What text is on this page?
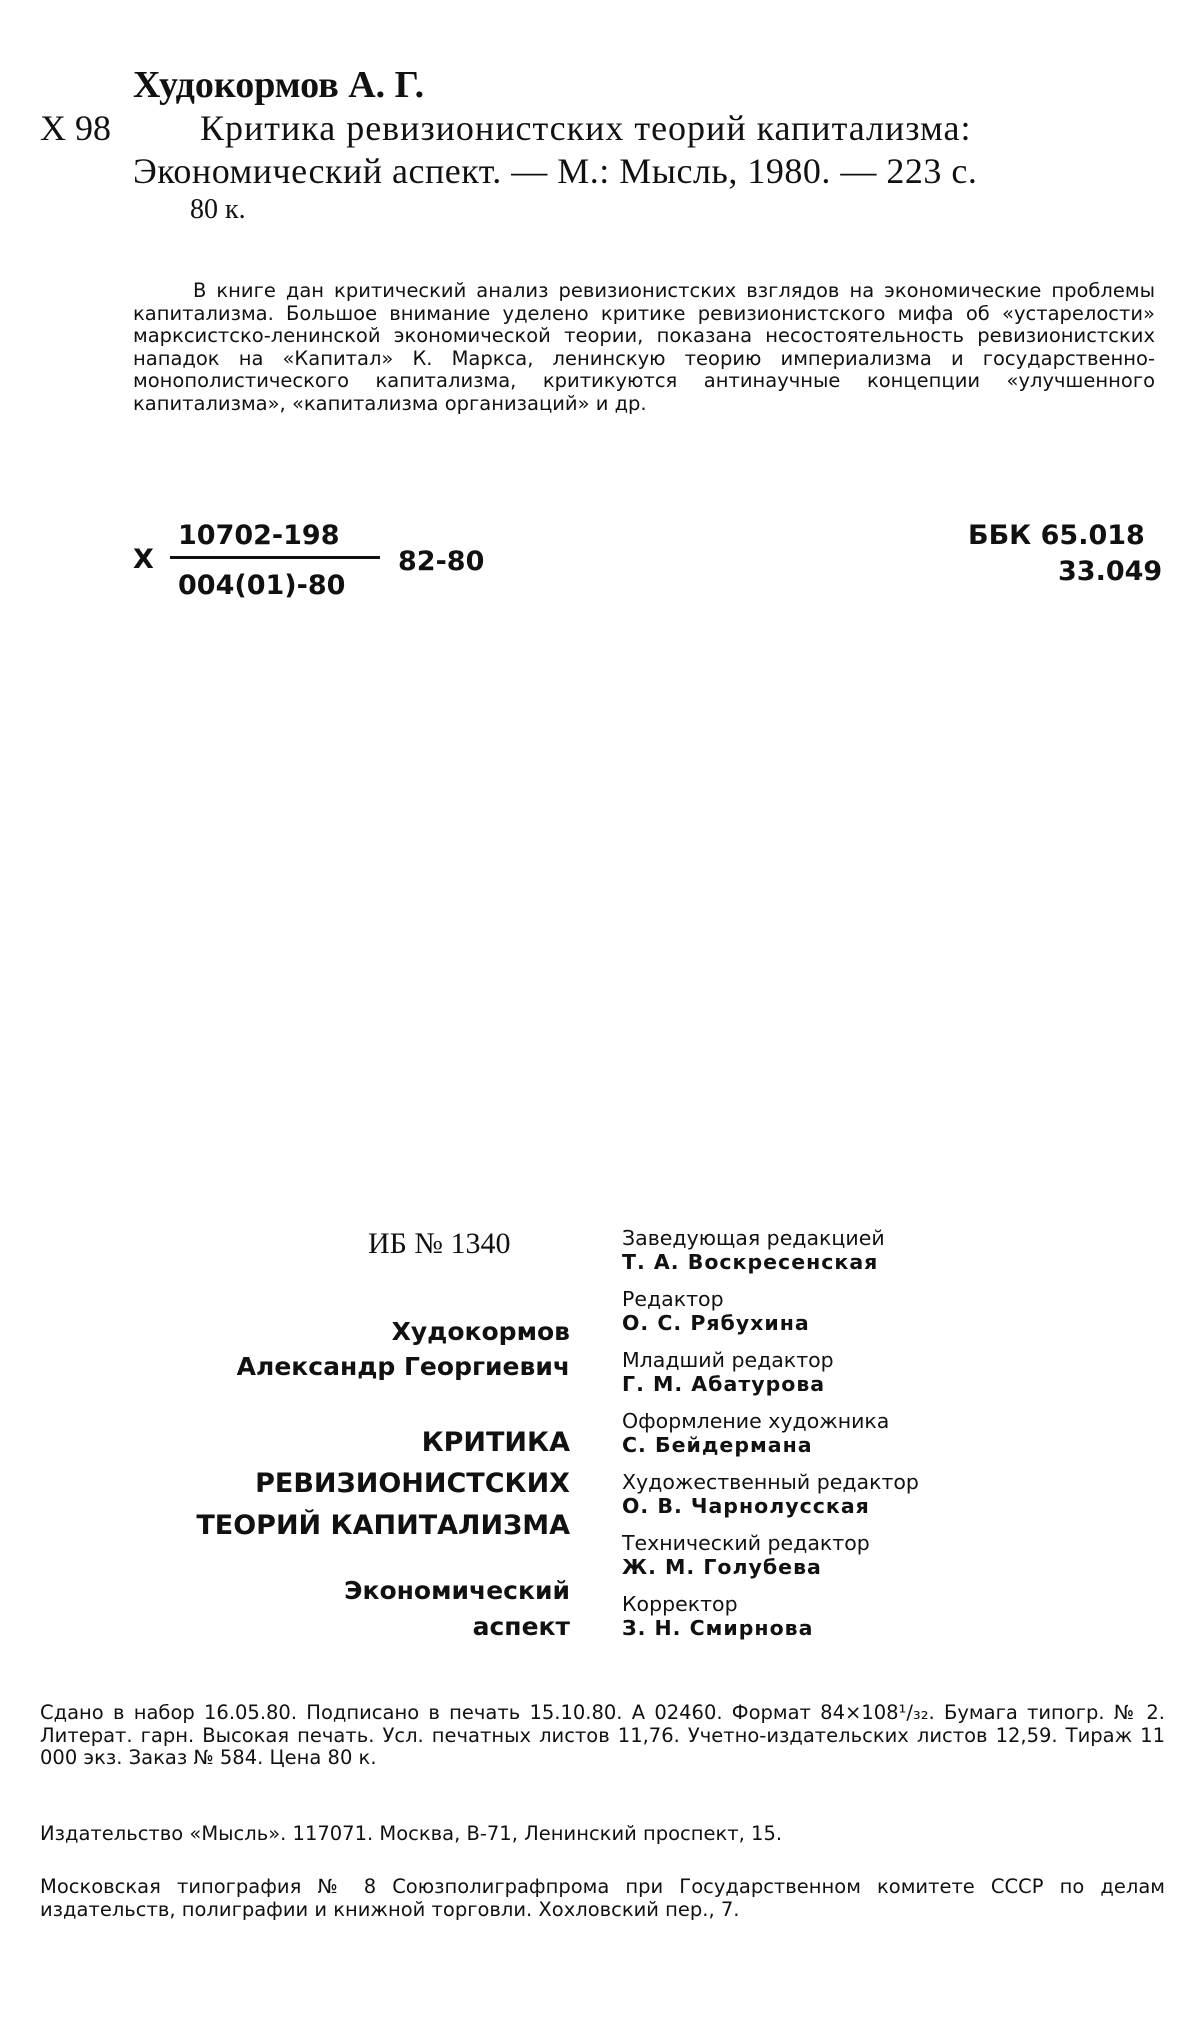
Худокормов А. Г.
X 98 Критика ревизионистских теорий капитализма:
Экономический аспект. — М.: Мысль, 1980. — 223 с.
80 к.
В книге дан критический анализ ревизионистских взглядов на экономические проблемы капитализма. Большое внимание уделено критике ревизионистского мифа об «устарелости» марксистско-ленинской экономической теории, показана несостоятельность ревизионистских нападок на «Капитал» К. Маркса, ленинскую теорию империализма и государственно-монополистического капитализма, критикуются антинаучные концепции «улучшенного капитализма», «капитализма организаций» и др.
X
10702-198
004(01)-80
82-80
ББК 65.018
33.049
ИБ № 1340
Худокормов
Александр Георгиевич
КРИТИКА
РЕВИЗИОНИСТСКИХ
ТЕОРИЙ КАПИТАЛИЗМА
Экономический
аспект
Заведующая редакцией
Т. А. Воскресенская
Редактор
О. С. Рябухина
Младший редактор
Г. М. Абатурова
Оформление художника
С. Бейдермана
Художественный редактор
О. В. Чарнолусская
Технический редактор
Ж. М. Голубева
Корректор
З. Н. Смирнова
Сдано в набор 16.05.80. Подписано в печать 15.10.80. А 02460. Формат 84×108¹/₃₂. Бумага типогр. № 2. Литерат. гарн. Высокая печать. Усл. печатных листов 11,76. Учетно-издательских листов 12,59. Тираж 11 000 экз. Заказ № 584. Цена 80 к.
Издательство «Мысль». 117071. Москва, В-71, Ленинский проспект, 15.
Московская типография № 8 Союзполиграфпрома при Государственном комитете СССР по делам издательств, полиграфии и книжной торговли. Хохловский пер., 7.
